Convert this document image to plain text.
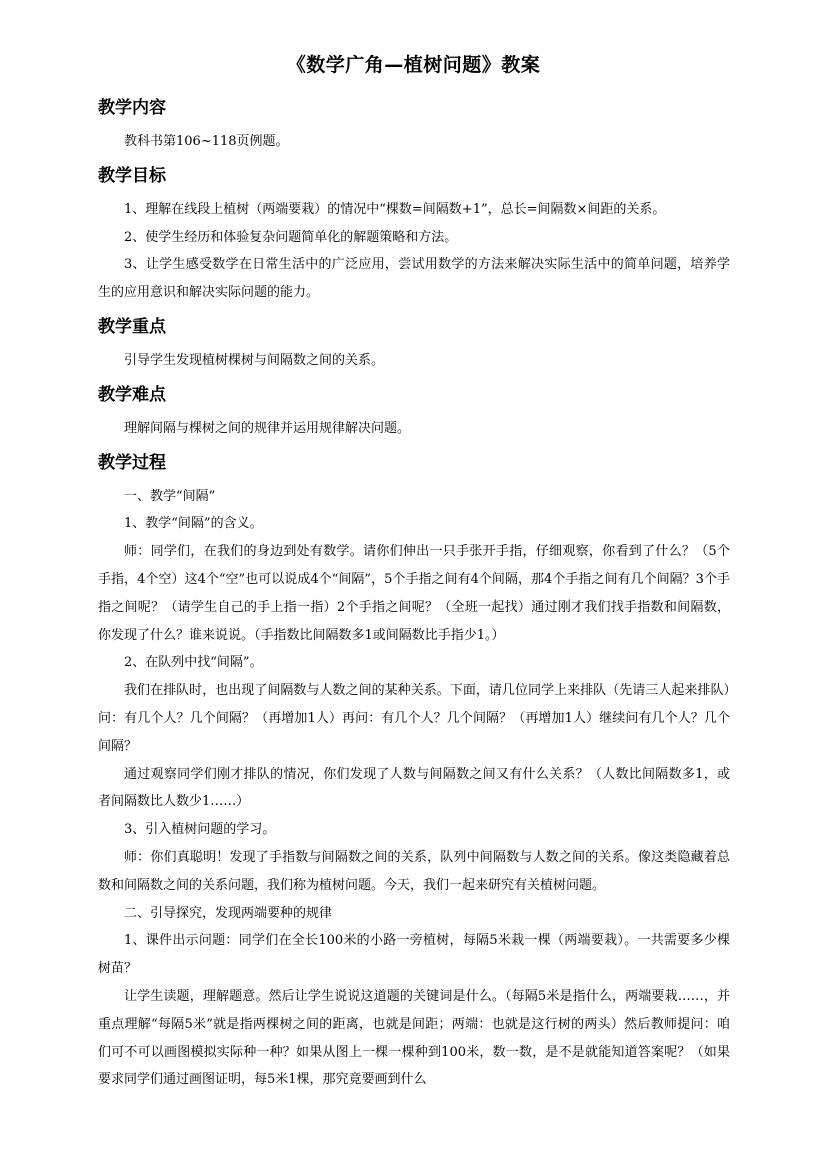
《数学广角—植树问题》教案
教学内容

教科书第106~118页例题。

教学目标

1、理解在线段上植树（两端要栽）的情况中“棵数=间隔数+1”，总长=间隔数×间距的关系。

2、使学生经历和体验复杂问题简单化的解题策略和方法。

3、让学生感受数学在日常生活中的广泛应用，尝试用数学的方法来解决实际生活中的简单问题，培养学生的应用意识和解决实际问题的能力。

教学重点

引导学生发现植树棵树与间隔数之间的关系。

教学难点

理解间隔与棵树之间的规律并运用规律解决问题。

教学过程

一、教学“间隔”

1、教学“间隔”的含义。

师：同学们，在我们的身边到处有数学。请你们伸出一只手张开手指，仔细观察，你看到了什么？（5个手指，4个空）这4个“空”也可以说成4个“间隔”，5个手指之间有4个间隔，那4个手指之间有几个间隔？3个手指之间呢？（请学生自己的手上指一指）2个手指之间呢？（全班一起找）通过刚才我们找手指数和间隔数，你发现了什么？谁来说说。（手指数比间隔数多1或间隔数比手指少1。）

2、在队列中找“间隔”。

我们在排队时，也出现了间隔数与人数之间的某种关系。下面，请几位同学上来排队（先请三人起来排队）问：有几个人？几个间隔？（再增加1人）再问：有几个人？几个间隔？（再增加1人）继续问有几个人？几个间隔？

通过观察同学们刚才排队的情况，你们发现了人数与间隔数之间又有什么关系？（人数比间隔数多1，或者间隔数比人数少1……）

3、引入植树问题的学习。

师：你们真聪明！发现了手指数与间隔数之间的关系，队列中间隔数与人数之间的关系。像这类隐藏着总数和间隔数之间的关系问题，我们称为植树问题。今天，我们一起来研究有关植树问题。

二、引导探究，发现两端要种的规律

1、课件出示问题：同学们在全长100米的小路一旁植树，每隔5米栽一棵（两端要栽）。一共需要多少棵树苗？

让学生读题，理解题意。然后让学生说说这道题的关键词是什么。（每隔5米是指什么，两端要栽……，并重点理解“每隔5米”就是指两棵树之间的距离，也就是间距；两端：也就是这行树的两头）然后教师提问：咱们可不可以画图模拟实际种一种？如果从图上一棵一棵种到100米，数一数，是不是就能知道答案呢？（如果要求同学们通过画图证明，每5米1棵，那究竟要画到什么
